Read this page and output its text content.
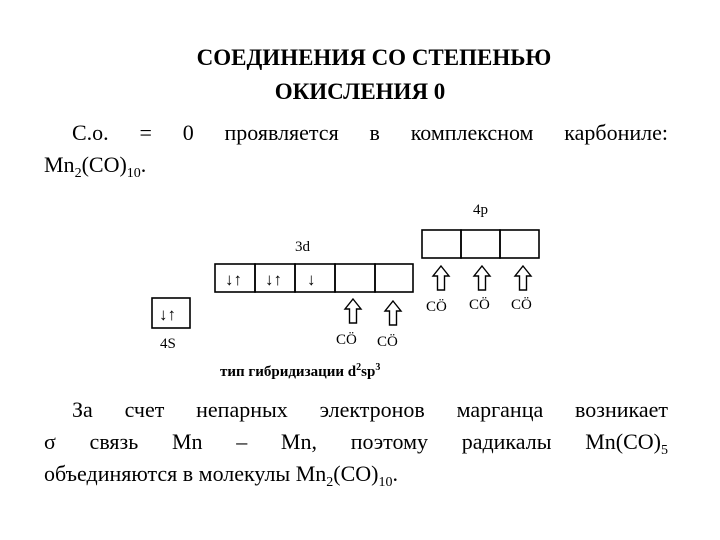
СОЕДИНЕНИЯ СО СТЕПЕНЬЮ
ОКИСЛЕНИЯ 0
С.о. = 0 проявляется в комплексном карбониле:
$Mn_2(CO)_{10}$.
4р
3d
↓↑ ↓↑ ↓
↓↑
4S
CÖ CÖ CÖ
CÖ CÖ
тип гибридизации $d^2sp^3$
За счет непарных электронов марганца возникает
σ связь Mn – Mn, поэтому радикалы $Mn(CO)_5$
объединяются в молекулы $Mn_2(CO)_{10}$.
